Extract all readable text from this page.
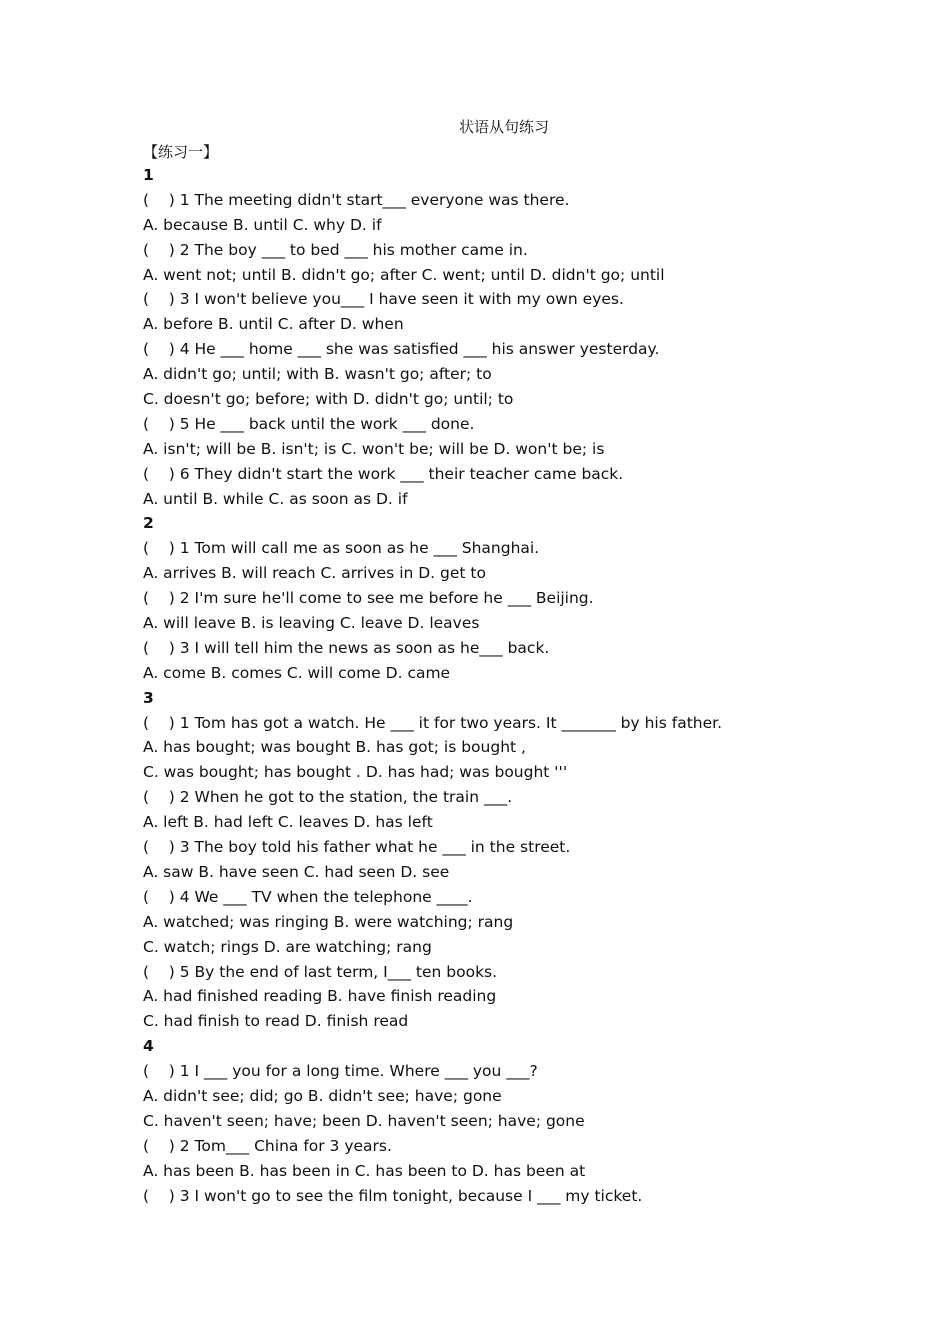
状语从句练习
【练习一】
1
(    ) 1 The meeting didn't start___ everyone was there.
A. because B. until C. why D. if
(    ) 2 The boy ___ to bed ___ his mother came in.
A. went not; until B. didn't go; after C. went; until D. didn't go; until
(    ) 3 I won't believe you___ I have seen it with my own eyes.
A. before B. until C. after D. when
(    ) 4 He ___ home ___ she was satisfied ___ his answer yesterday.
A. didn't go; until; with B. wasn't go; after; to
C. doesn't go; before; with D. didn't go; until; to
(    ) 5 He ___ back until the work ___ done.
A. isn't; will be B. isn't; is C. won't be; will be D. won't be; is
(    ) 6 They didn't start the work ___ their teacher came back.
A. until B. while C. as soon as D. if
2
(    ) 1 Tom will call me as soon as he ___ Shanghai.
A. arrives B. will reach C. arrives in D. get to
(    ) 2 I'm sure he'll come to see me before he ___ Beijing.
A. will leave B. is leaving C. leave D. leaves
(    ) 3 I will tell him the news as soon as he___ back.
A. come B. comes C. will come D. came
3
(    ) 1 Tom has got a watch. He ___ it for two years. It _______ by his father.
A. has bought; was bought B. has got; is bought ,
C. was bought; has bought . D. has had; was bought '''
(    ) 2 When he got to the station, the train ___.
A. left B. had left C. leaves D. has left
(    ) 3 The boy told his father what he ___ in the street.
A. saw B. have seen C. had seen D. see
(    ) 4 We ___ TV when the telephone ____.
A. watched; was ringing B. were watching; rang
C. watch; rings D. are watching; rang
(    ) 5 By the end of last term, I___ ten books.
A. had finished reading B. have finish reading
C. had finish to read D. finish read
4
(    ) 1 I ___ you for a long time. Where ___ you ___?
A. didn't see; did; go B. didn't see; have; gone
C. haven't seen; have; been D. haven't seen; have; gone
(    ) 2 Tom___ China for 3 years.
A. has been B. has been in C. has been to D. has been at
(    ) 3 I won't go to see the film tonight, because I ___ my ticket.
